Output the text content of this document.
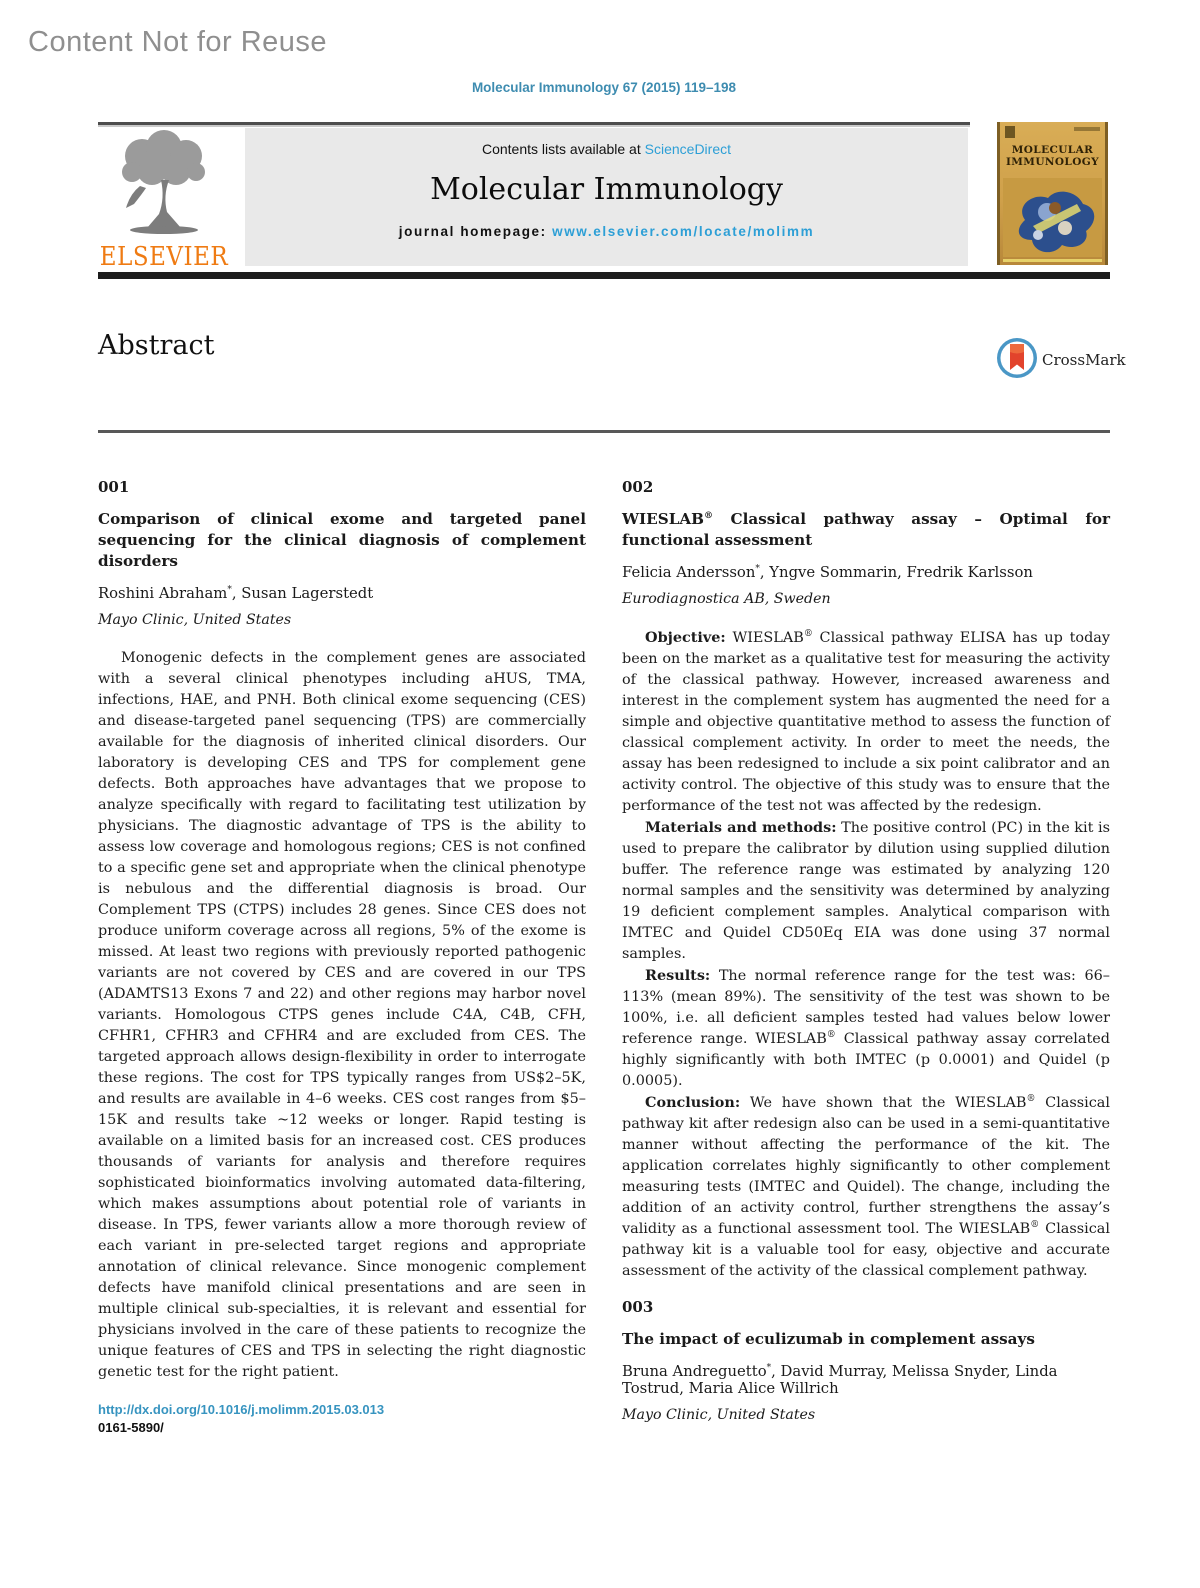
Content Not for Reuse
Molecular Immunology 67 (2015) 119–198
ELSEVIER
Contents lists available at ScienceDirect
Molecular Immunology
journal homepage: www.elsevier.com/locate/molimm
MOLECULAR
IMMUNOLOGY
Abstract	CrossMark
001
Comparison of clinical exome and targeted panel sequencing for the clinical diagnosis of complement disorders

Roshini Abraham*, Susan Lagerstedt

Mayo Clinic, United States

Monogenic defects in the complement genes are associated with a several clinical phenotypes including aHUS, TMA, infections, HAE, and PNH. Both clinical exome sequencing (CES) and disease-targeted panel sequencing (TPS) are commercially available for the diagnosis of inherited clinical disorders. Our laboratory is developing CES and TPS for complement gene defects. Both approaches have advantages that we propose to analyze specifically with regard to facilitating test utilization by physicians. The diagnostic advantage of TPS is the ability to assess low coverage and homologous regions; CES is not confined to a specific gene set and appropriate when the clinical phenotype is nebulous and the differential diagnosis is broad. Our Complement TPS (CTPS) includes 28 genes. Since CES does not produce uniform coverage across all regions, 5% of the exome is missed. At least two regions with previously reported pathogenic variants are not covered by CES and are covered in our TPS (ADAMTS13 Exons 7 and 22) and other regions may harbor novel variants. Homologous CTPS genes include C4A, C4B, CFH, CFHR1, CFHR3 and CFHR4 and are excluded from CES. The targeted approach allows design-flexibility in order to interrogate these regions. The cost for TPS typically ranges from US$2–5K, and results are available in 4–6 weeks. CES cost ranges from $5–15K and results take ~12 weeks or longer. Rapid testing is available on a limited basis for an increased cost. CES produces thousands of variants for analysis and therefore requires sophisticated bioinformatics involving automated data-filtering, which makes assumptions about potential role of variants in disease. In TPS, fewer variants allow a more thorough review of each variant in pre-selected target regions and appropriate annotation of clinical relevance. Since monogenic complement defects have manifold clinical presentations and are seen in multiple clinical sub-specialties, it is relevant and essential for physicians involved in the care of these patients to recognize the unique features of CES and TPS in selecting the right diagnostic genetic test for the right patient.

002
WIESLAB® Classical pathway assay – Optimal for functional assessment

Felicia Andersson*, Yngve Sommarin, Fredrik Karlsson

Eurodiagnostica AB, Sweden

Objective: WIESLAB® Classical pathway ELISA has up today been on the market as a qualitative test for measuring the activity of the classical pathway. However, increased awareness and interest in the complement system has augmented the need for a simple and objective quantitative method to assess the function of classical complement activity. In order to meet the needs, the assay has been redesigned to include a six point calibrator and an activity control. The objective of this study was to ensure that the performance of the test not was affected by the redesign.

Materials and methods: The positive control (PC) in the kit is used to prepare the calibrator by dilution using supplied dilution buffer. The reference range was estimated by analyzing 120 normal samples and the sensitivity was determined by analyzing 19 deficient complement samples. Analytical comparison with IMTEC and Quidel CD50Eq EIA was done using 37 normal samples.

Results: The normal reference range for the test was: 66–113% (mean 89%). The sensitivity of the test was shown to be 100%, i.e. all deficient samples tested had values below lower reference range. WIESLAB® Classical pathway assay correlated highly significantly with both IMTEC (p 0.0001) and Quidel (p 0.0005).

Conclusion: We have shown that the WIESLAB® Classical pathway kit after redesign also can be used in a semi-quantitative manner without affecting the performance of the kit. The application correlates highly significantly to other complement measuring tests (IMTEC and Quidel). The change, including the addition of an activity control, further strengthens the assay’s validity as a functional assessment tool. The WIESLAB® Classical pathway kit is a valuable tool for easy, objective and accurate assessment of the activity of the classical complement pathway.

003
The impact of eculizumab in complement assays

Bruna Andreguetto*, David Murray, Melissa Snyder, Linda Tostrud, Maria Alice Willrich

Mayo Clinic, United States

http://dx.doi.org/10.1016/j.molimm.2015.03.013
0161-5890/
